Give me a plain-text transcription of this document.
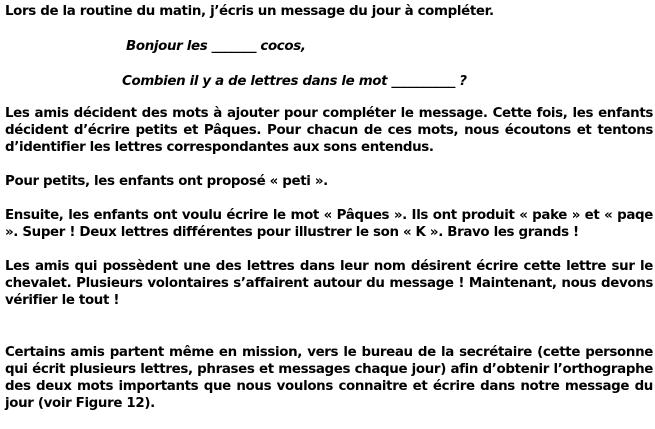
Lors de la routine du matin, j’écris un message du jour à compléter.

Bonjour les _______ cocos,

Combien il y a de lettres dans le mot __________ ?

Les amis décident des mots à ajouter pour compléter le message. Cette fois, les enfants décident d’écrire petits et Pâques. Pour chacun de ces mots, nous écoutons et tentons d’identifier les lettres correspondantes aux sons entendus.

Pour petits, les enfants ont proposé « peti ».

Ensuite, les enfants ont voulu écrire le mot « Pâques ». Ils ont produit « pake » et « paqe ». Super ! Deux lettres différentes pour illustrer le son « K ». Bravo les grands !

Les amis qui possèdent une des lettres dans leur nom désirent écrire cette lettre sur le chevalet. Plusieurs volontaires s’affairent autour du message ! Maintenant, nous devons vérifier le tout !

Certains amis partent même en mission, vers le bureau de la secrétaire (cette personne qui écrit plusieurs lettres, phrases et messages chaque jour) afin d’obtenir l’orthographe des deux mots importants que nous voulons connaitre et écrire dans notre message du jour (voir Figure 12).
